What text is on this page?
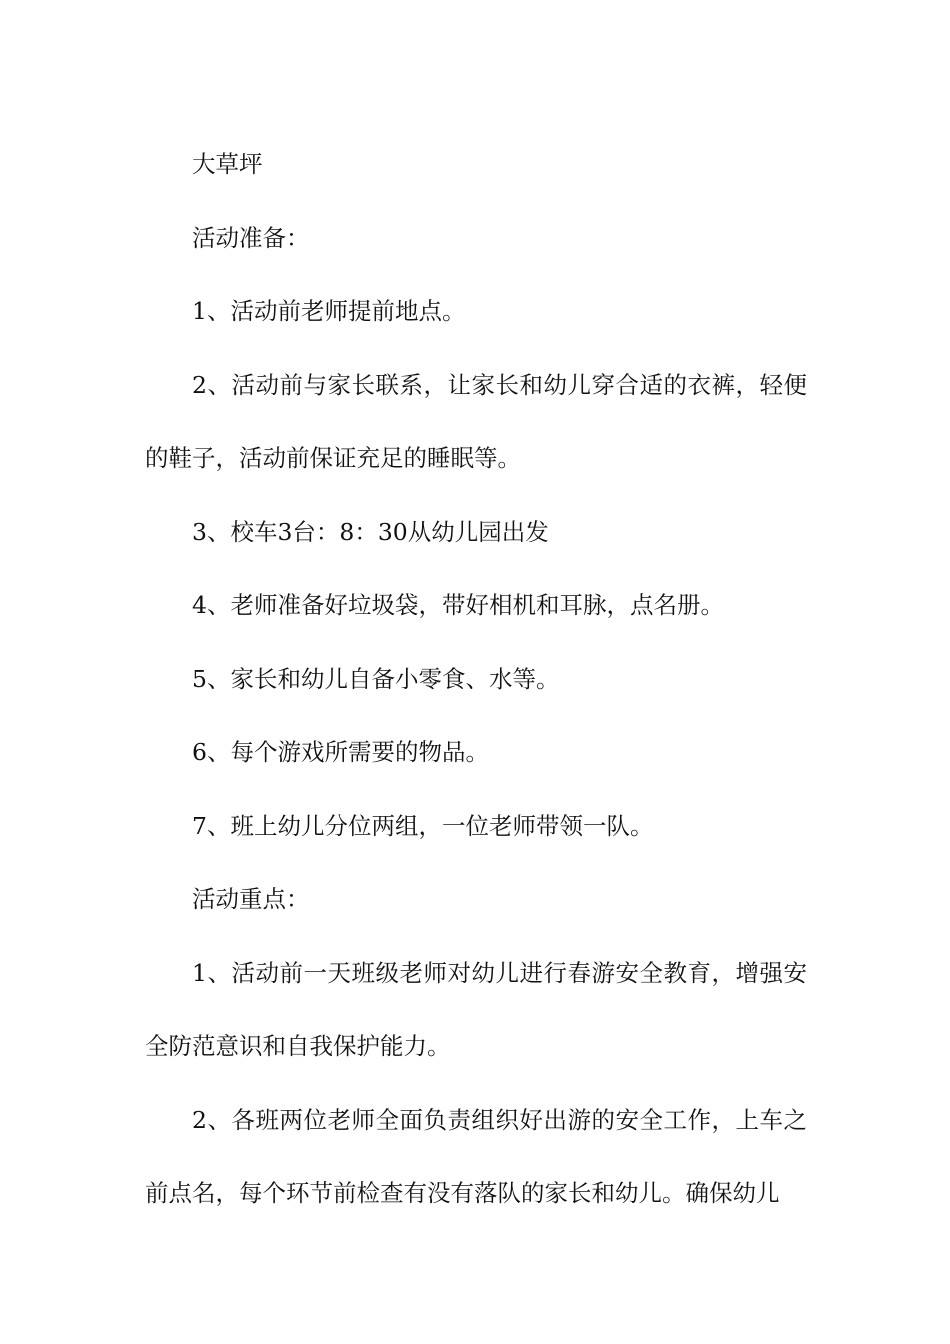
大草坪

活动准备：

1、活动前老师提前地点。

2、活动前与家长联系，让家长和幼儿穿合适的衣裤，轻便的鞋子，活动前保证充足的睡眠等。

3、校车3台：8：30从幼儿园出发

4、老师准备好垃圾袋，带好相机和耳脉，点名册。

5、家长和幼儿自备小零食、水等。

6、每个游戏所需要的物品。

7、班上幼儿分位两组，一位老师带领一队。

活动重点：

1、活动前一天班级老师对幼儿进行春游安全教育，增强安全防范意识和自我保护能力。

2、各班两位老师全面负责组织好出游的安全工作，上车之前点名，每个环节前检查有没有落队的家长和幼儿。确保幼儿
